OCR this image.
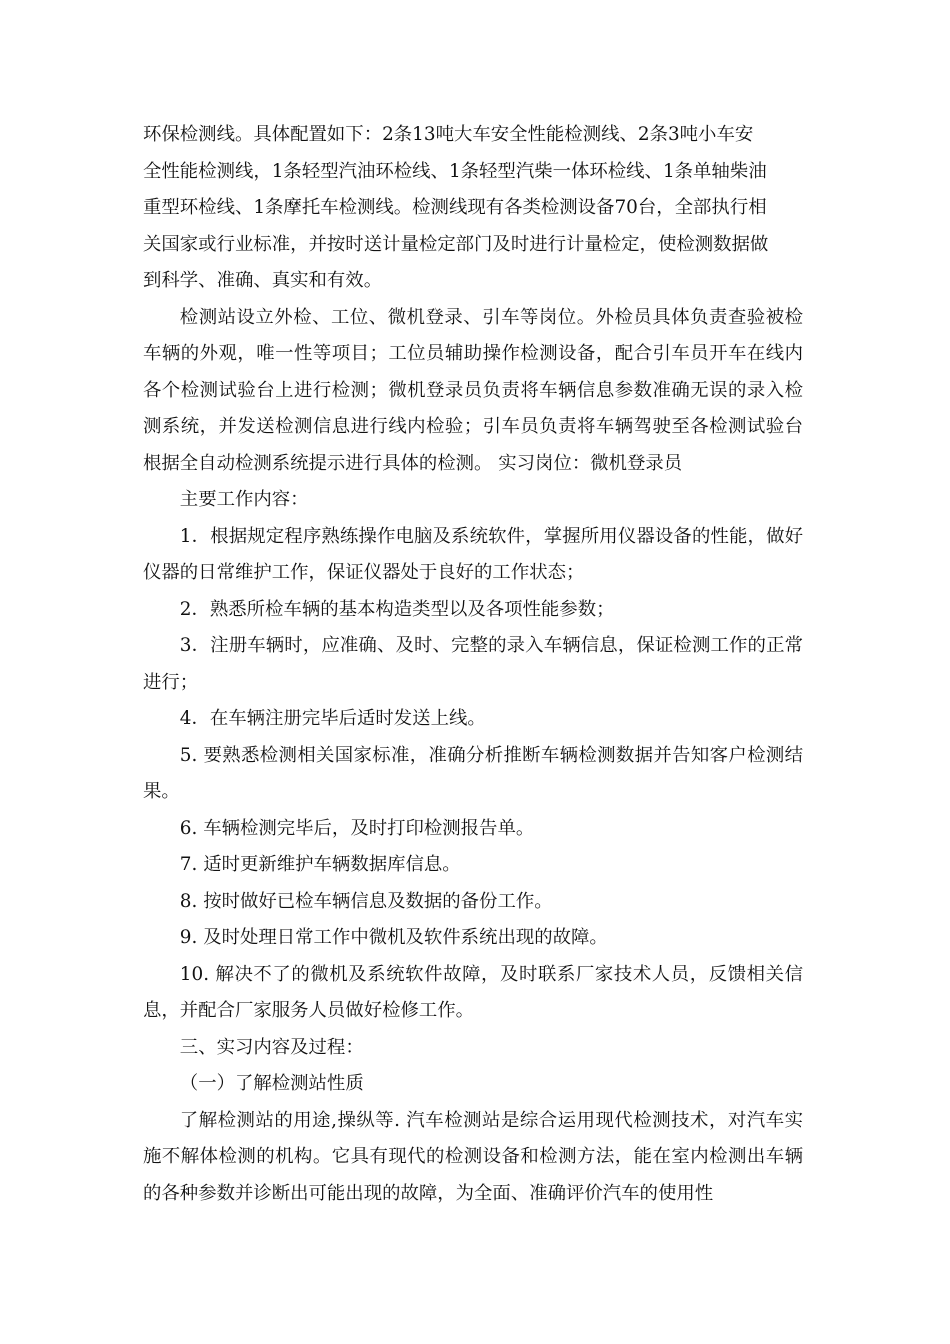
环保检测线。具体配置如下：2条13吨大车安全性能检测线、2条3吨小车安
全性能检测线，1条轻型汽油环检线、1条轻型汽柴一体环检线、1条单轴柴油
重型环检线、1条摩托车检测线。检测线现有各类检测设备70台，全部执行相
关国家或行业标准，并按时送计量检定部门及时进行计量检定，使检测数据做
到科学、准确、真实和有效。

检测站设立外检、工位、微机登录、引车等岗位。外检员具体负责查验被检车辆的外观，唯一性等项目；工位员辅助操作检测设备，配合引车员开车在线内各个检测试验台上进行检测；微机登录员负责将车辆信息参数准确无误的录入检测系统，并发送检测信息进行线内检验；引车员负责将车辆驾驶至各检测试验台根据全自动检测系统提示进行具体的检测。 实习岗位：微机登录员

主要工作内容：

1．根据规定程序熟练操作电脑及系统软件，掌握所用仪器设备的性能，做好仪器的日常维护工作，保证仪器处于良好的工作状态；

2．熟悉所检车辆的基本构造类型以及各项性能参数；

3．注册车辆时，应准确、及时、完整的录入车辆信息，保证检测工作的正常进行；

4．在车辆注册完毕后适时发送上线。

5. 要熟悉检测相关国家标准，准确分析推断车辆检测数据并告知客户检测结果。

6. 车辆检测完毕后，及时打印检测报告单。

7. 适时更新维护车辆数据库信息。

8. 按时做好已检车辆信息及数据的备份工作。

9. 及时处理日常工作中微机及软件系统出现的故障。

10. 解决不了的微机及系统软件故障，及时联系厂家技术人员，反馈相关信息，并配合厂家服务人员做好检修工作。

三、实习内容及过程：

（一）了解检测站性质

了解检测站的用途,操纵等. 汽车检测站是综合运用现代检测技术，对汽车实施不解体检测的机构。它具有现代的检测设备和检测方法，能在室内检测出车辆的各种参数并诊断出可能出现的故障，为全面、准确评价汽车的使用性
